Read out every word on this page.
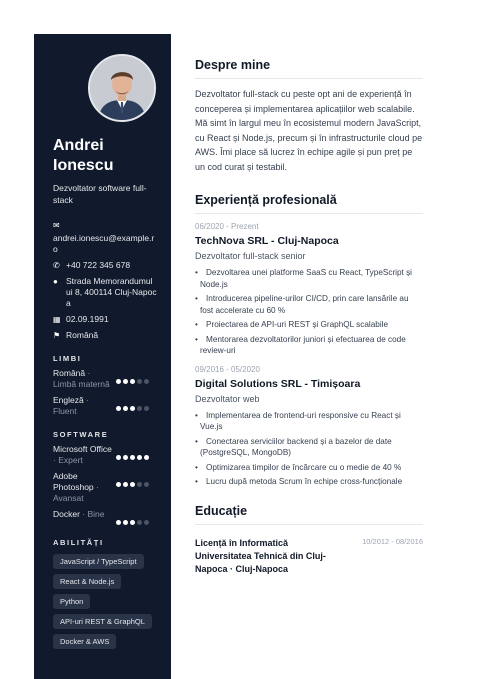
Andrei Ionescu
Dezvoltator software full-stack
✉
andrei.ionescu@example.ro
✆ +40 722 345 678
● Strada Memorandumului 8, 400114 Cluj-Napoca
▦ 02.09.1991
⚑ Română
LIMBI
Română · Limbă maternă
Engleză · Fluent
SOFTWARE
Microsoft Office · Expert
Adobe Photoshop · Avansat
Docker · Bine
ABILITĂȚI
JavaScript / TypeScript
React & Node.js
Python
API-uri REST & GraphQL
Docker & AWS
Despre mine

Dezvoltator full-stack cu peste opt ani de experiență în conceperea și implementarea aplicațiilor web scalabile. Mă simt în largul meu în ecosistemul modern JavaScript, cu React și Node.js, precum și în infrastructurile cloud pe AWS. Îmi place să lucrez în echipe agile și pun preț pe un cod curat și testabil.

Experiență profesională
06/2020 - Prezent
TechNova SRL - Cluj-Napoca
Dezvoltator full-stack senior
• Dezvoltarea unei platforme SaaS cu React, TypeScript și Node.js
• Introducerea pipeline-urilor CI/CD, prin care lansările au fost accelerate cu 60 %
• Proiectarea de API-uri REST și GraphQL scalabile
• Mentorarea dezvoltatorilor juniori și efectuarea de code review-uri
09/2016 - 05/2020
Digital Solutions SRL - Timișoara
Dezvoltator web
• Implementarea de frontend-uri responsive cu React și Vue.js
• Conectarea serviciilor backend și a bazelor de date (PostgreSQL, MongoDB)
• Optimizarea timpilor de încărcare cu o medie de 40 %
• Lucru după metoda Scrum în echipe cross-funcționale
Educație
Licență în Informatică
Universitatea Tehnică din Cluj-Napoca · Cluj-Napoca
10/2012 - 08/2016
